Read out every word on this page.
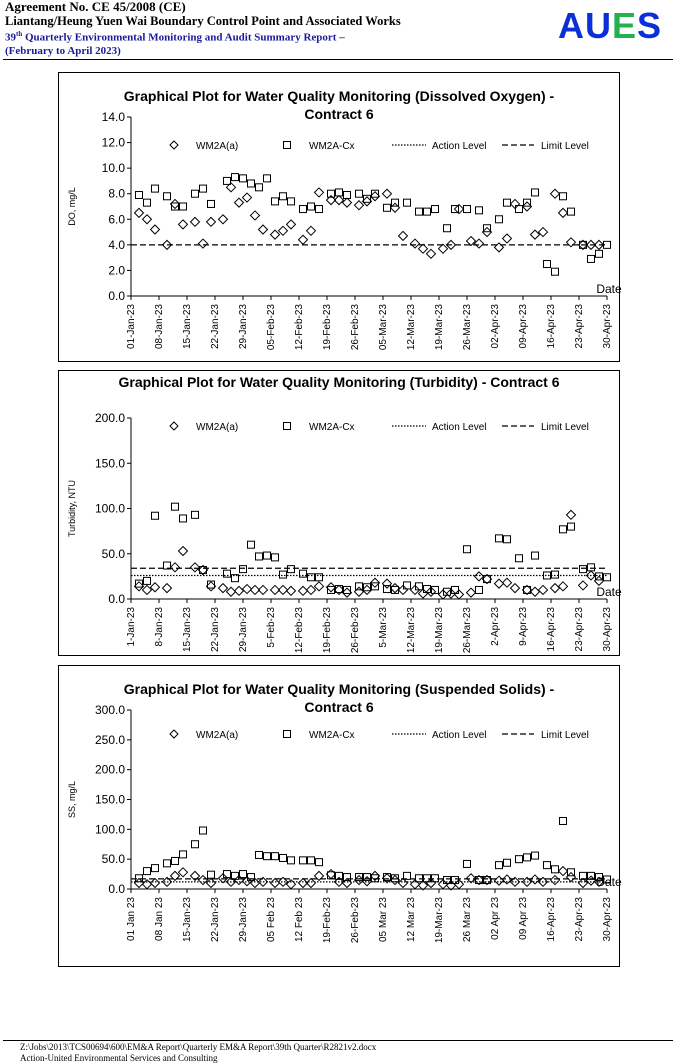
Agreement No. CE 45/2008 (CE)
Liantang/Heung Yuen Wai Boundary Control Point and Associated Works
39th Quarterly Environmental Monitoring and Audit Summary Report –
(February to April 2023)
AUES
Graphical Plot for Water Quality Monitoring (Dissolved Oxygen) -
Contract 6
0.0
2.0
4.0
6.0
8.0
10.0
12.0
14.0
DO, mg/L
01-Jan-23 08-Jan-23 15-Jan-23 22-Jan-23 29-Jan-23 05-Feb-23 12-Feb-23 19-Feb-23 26-Feb-23 05-Mar-23 12-Mar-23 19-Mar-23 26-Mar-23 02-Apr-23 09-Apr-23 16-Apr-23 23-Apr-23 30-Apr-23
Date
WM2A(a)	WM2A-Cx	Action Level	Limit Level
Graphical Plot for Water Quality Monitoring (Turbidity) - Contract 6
0.0
50.0
100.0
150.0
200.0
Turbidity, NTU
1-Jan-23 8-Jan-23 15-Jan-23 22-Jan-23 29-Jan-23 5-Feb-23 12-Feb-23 19-Feb-23 26-Feb-23 5-Mar-23 12-Mar-23 19-Mar-23 26-Mar-23 2-Apr-23 9-Apr-23 16-Apr-23 23-Apr-23 30-Apr-23
Date
WM2A(a)	WM2A-Cx	Action Level	Limit Level
Graphical Plot for Water Quality Monitoring (Suspended Solids) -
Contract 6
0.0
50.0
100.0
150.0
200.0
250.0
300.0
SS, mg/L
01 Jan 23 08 Jan 23 15-Jan-23 22-Jan-23 29-Jan-23 05 Feb 23 12 Feb 23 19-Feb-23 26-Feb-23 05 Mar 23 12 Mar 23 19-Mar-23 26 Mar 23 02 Apr 23 09 Apr 23 16-Apr-23 23-Apr-23 30-Apr-23
Date
WM2A(a)	WM2A-Cx	Action Level	Limit Level
Z:\Jobs\2013\TCS00694\600\EM&A Report\Quarterly EM&A Report\39th Quarter\R2821v2.docx
Action-United Environmental Services and Consulting
